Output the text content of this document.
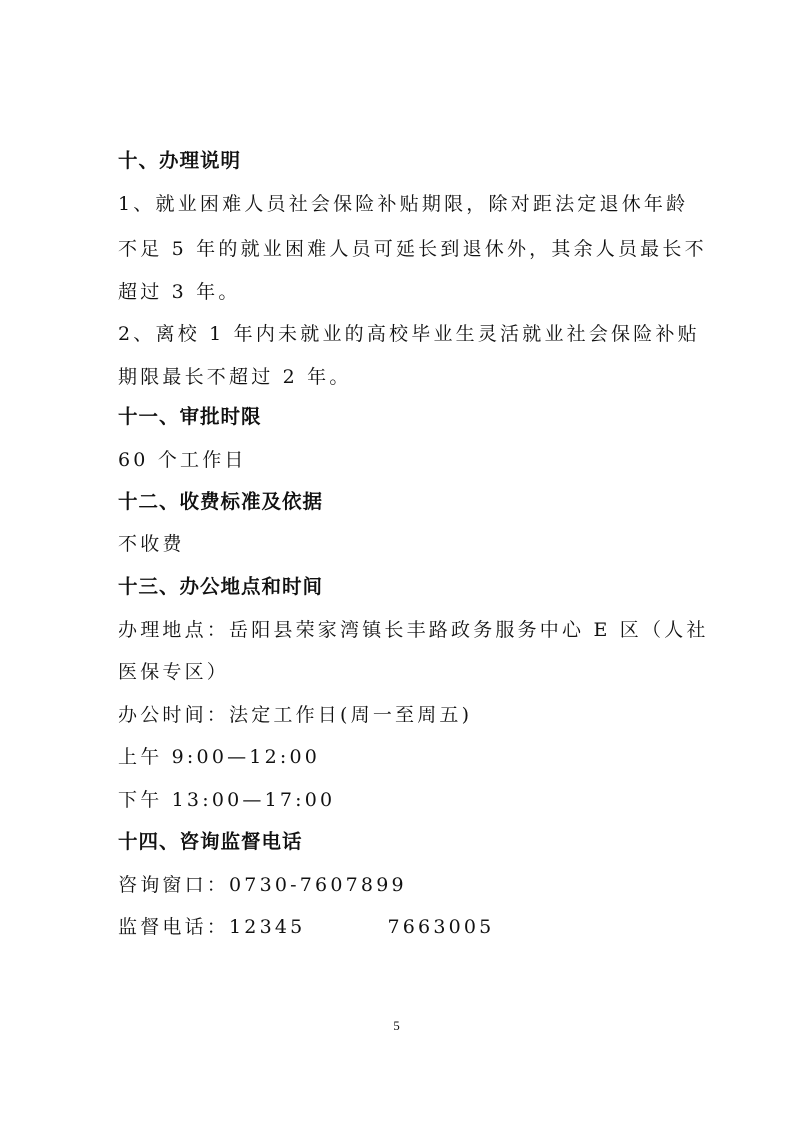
十、办理说明
1、就业困难人员社会保险补贴期限，除对距法定退休年龄
不足 5 年的就业困难人员可延长到退休外，其余人员最长不
超过 3 年。
2、离校 1 年内未就业的高校毕业生灵活就业社会保险补贴
期限最长不超过 2 年。
十一、审批时限
60 个工作日
十二、收费标准及依据
不收费
十三、办公地点和时间
办理地点：岳阳县荣家湾镇长丰路政务服务中心 E 区（人社
医保专区）
办公时间：法定工作日(周一至周五)
上午 9:00—12:00
下午 13:00—17:00
十四、咨询监督电话
咨询窗口：0730-7607899
监督电话：12345	7663005
5
